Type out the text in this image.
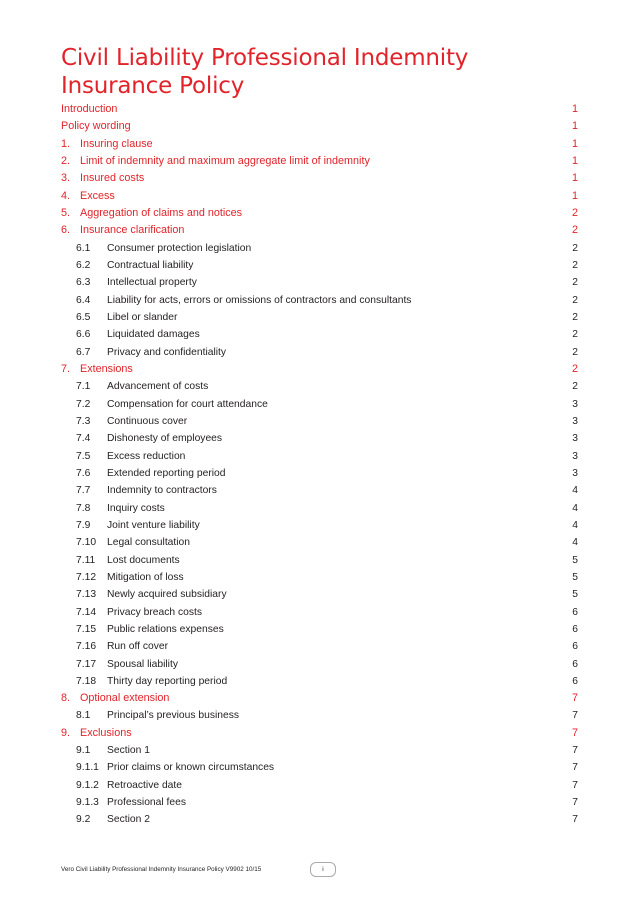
Civil Liability Professional Indemnity
Insurance Policy
Introduction	1
Policy wording	1
1. Insuring clause	1
2. Limit of indemnity and maximum aggregate limit of indemnity	1
3. Insured costs	1
4. Excess	1
5. Aggregation of claims and notices	2
6. Insurance clarification	2
6.1 Consumer protection legislation	2
6.2 Contractual liability	2
6.3 Intellectual property	2
6.4 Liability for acts, errors or omissions of contractors and consultants	2
6.5 Libel or slander	2
6.6 Liquidated damages	2
6.7 Privacy and confidentiality	2
7. Extensions	2
7.1 Advancement of costs	2
7.2 Compensation for court attendance	3
7.3 Continuous cover	3
7.4 Dishonesty of employees	3
7.5 Excess reduction	3
7.6 Extended reporting period	3
7.7 Indemnity to contractors	4
7.8 Inquiry costs	4
7.9 Joint venture liability	4
7.10 Legal consultation	4
7.11 Lost documents	5
7.12 Mitigation of loss	5
7.13 Newly acquired subsidiary	5
7.14 Privacy breach costs	6
7.15 Public relations expenses	6
7.16 Run off cover	6
7.17 Spousal liability	6
7.18 Thirty day reporting period	6
8. Optional extension	7
8.1 Principal’s previous business	7
9. Exclusions	7
9.1 Section 1	7
9.1.1 Prior claims or known circumstances	7
9.1.2 Retroactive date	7
9.1.3 Professional fees	7
9.2 Section 2	7
Vero Civil Liability Professional Indemnity Insurance Policy V9902 10/15	i
